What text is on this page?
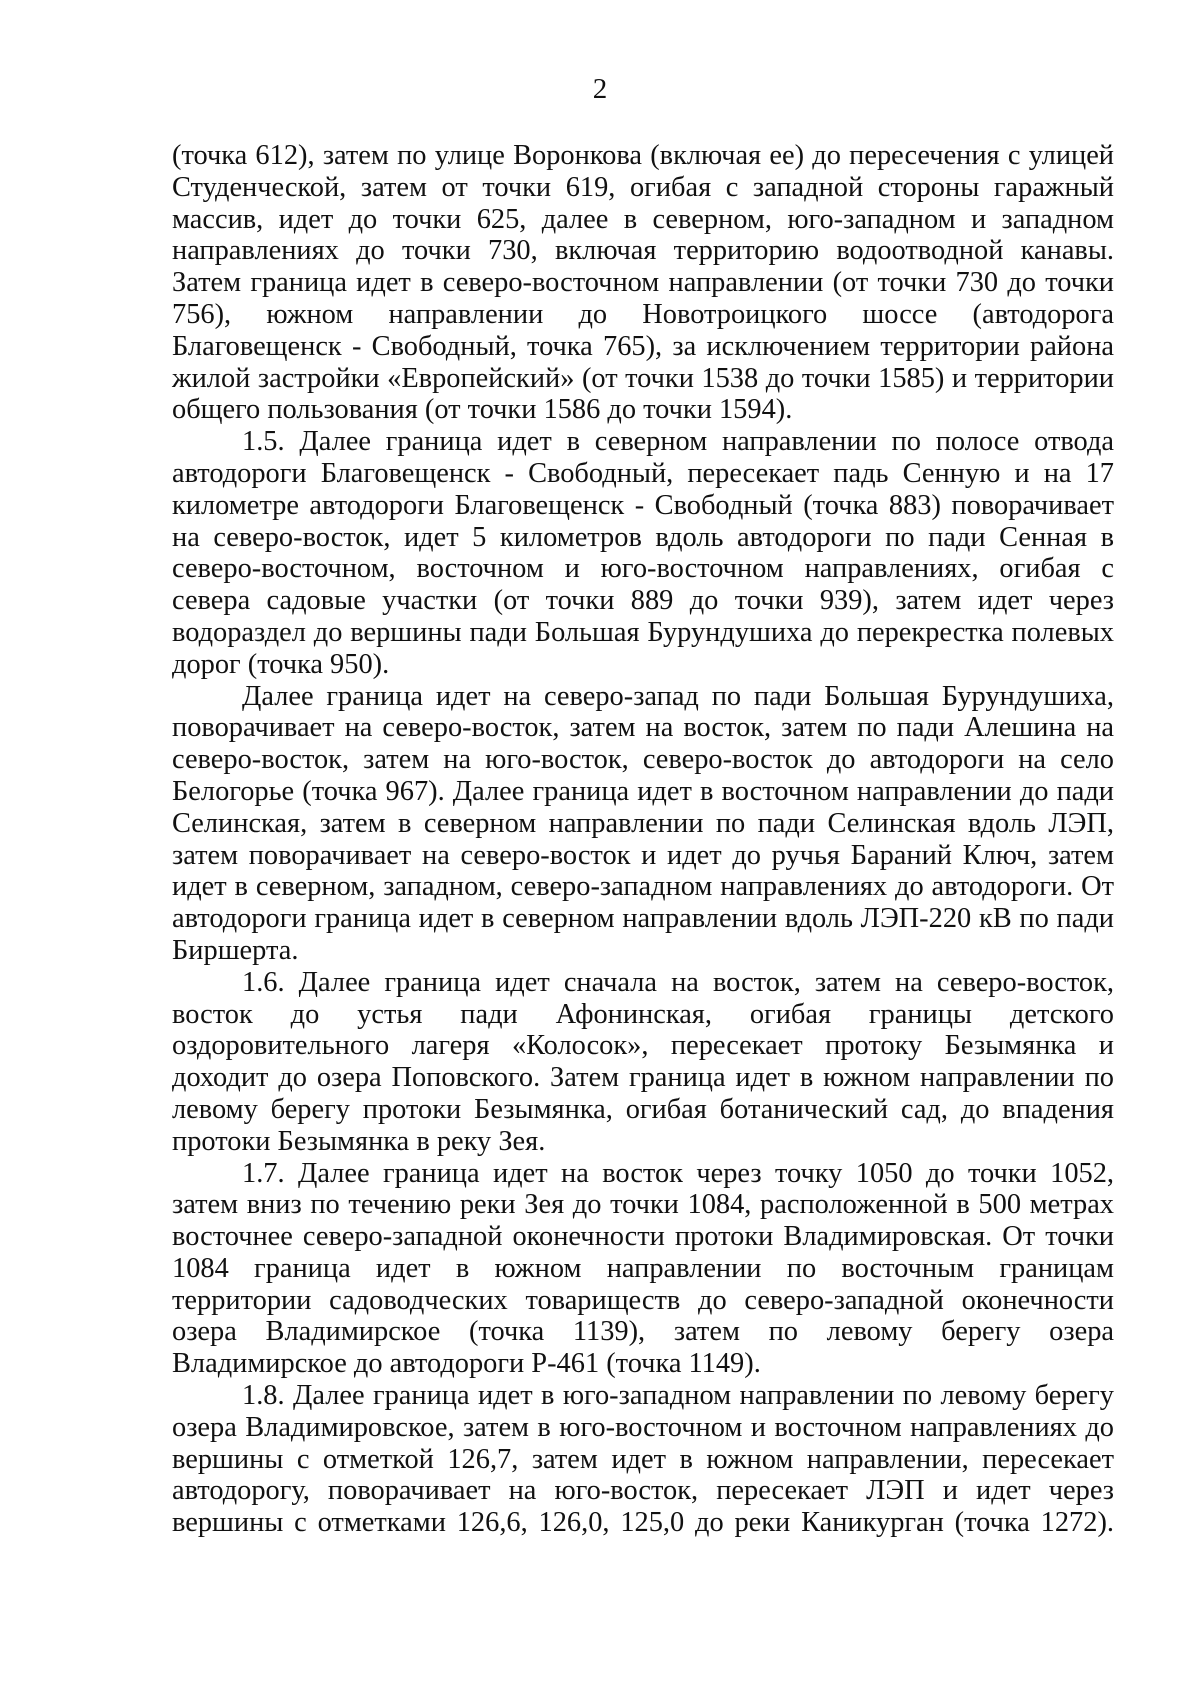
2

(точка 612), затем по улице Воронкова (включая ее) до пересечения с улицей Студенческой, затем от точки 619, огибая с западной стороны гаражный массив, идет до точки 625, далее в северном, юго-западном и западном направлениях до точки 730, включая территорию водоотводной канавы. Затем граница идет в северо-восточном направлении (от точки 730 до точки 756), южном направлении до Новотроицкого шоссе (автодорога Благовещенск - Свободный, точка 765), за исключением территории района жилой застройки «Европейский» (от точки 1538 до точки 1585) и территории общего пользования (от точки 1586 до точки 1594).

1.5. Далее граница идет в северном направлении по полосе отвода автодороги Благовещенск - Свободный, пересекает падь Сенную и на 17 километре автодороги Благовещенск - Свободный (точка 883) поворачивает на северо-восток, идет 5 километров вдоль автодороги по пади Сенная в северо-восточном, восточном и юго-восточном направлениях, огибая с севера садовые участки (от точки 889 до точки 939), затем идет через водораздел до вершины пади Большая Бурундушиха до перекрестка полевых дорог (точка 950).

Далее граница идет на северо-запад по пади Большая Бурундушиха, поворачивает на северо-восток, затем на восток, затем по пади Алешина на северо-восток, затем на юго-восток, северо-восток до автодороги на село Белогорье (точка 967). Далее граница идет в восточном направлении до пади Селинская, затем в северном направлении по пади Селинская вдоль ЛЭП, затем поворачивает на северо-восток и идет до ручья Бараний Ключ, затем идет в северном, западном, северо-западном направлениях до автодороги. От автодороги граница идет в северном направлении вдоль ЛЭП-220 кВ по пади Биршерта.

1.6. Далее граница идет сначала на восток, затем на северо-восток, восток до устья пади Афонинская, огибая границы детского оздоровительного лагеря «Колосок», пересекает протоку Безымянка и доходит до озера Поповского. Затем граница идет в южном направлении по левому берегу протоки Безымянка, огибая ботанический сад, до впадения протоки Безымянка в реку Зея.

1.7. Далее граница идет на восток через точку 1050 до точки 1052, затем вниз по течению реки Зея до точки 1084, расположенной в 500 метрах восточнее северо-западной оконечности протоки Владимировская. От точки 1084 граница идет в южном направлении по восточным границам территории садоводческих товариществ до северо-западной оконечности озера Владимирское (точка 1139), затем по левому берегу озера Владимирское до автодороги Р-461 (точка 1149).

1.8. Далее граница идет в юго-западном направлении по левому берегу озера Владимировское, затем в юго-восточном и восточном направлениях до вершины с отметкой 126,7, затем идет в южном направлении, пересекает автодорогу, поворачивает на юго-восток, пересекает ЛЭП и идет через вершины с отметками 126,6, 126,0, 125,0 до реки Каникурган (точка 1272).
